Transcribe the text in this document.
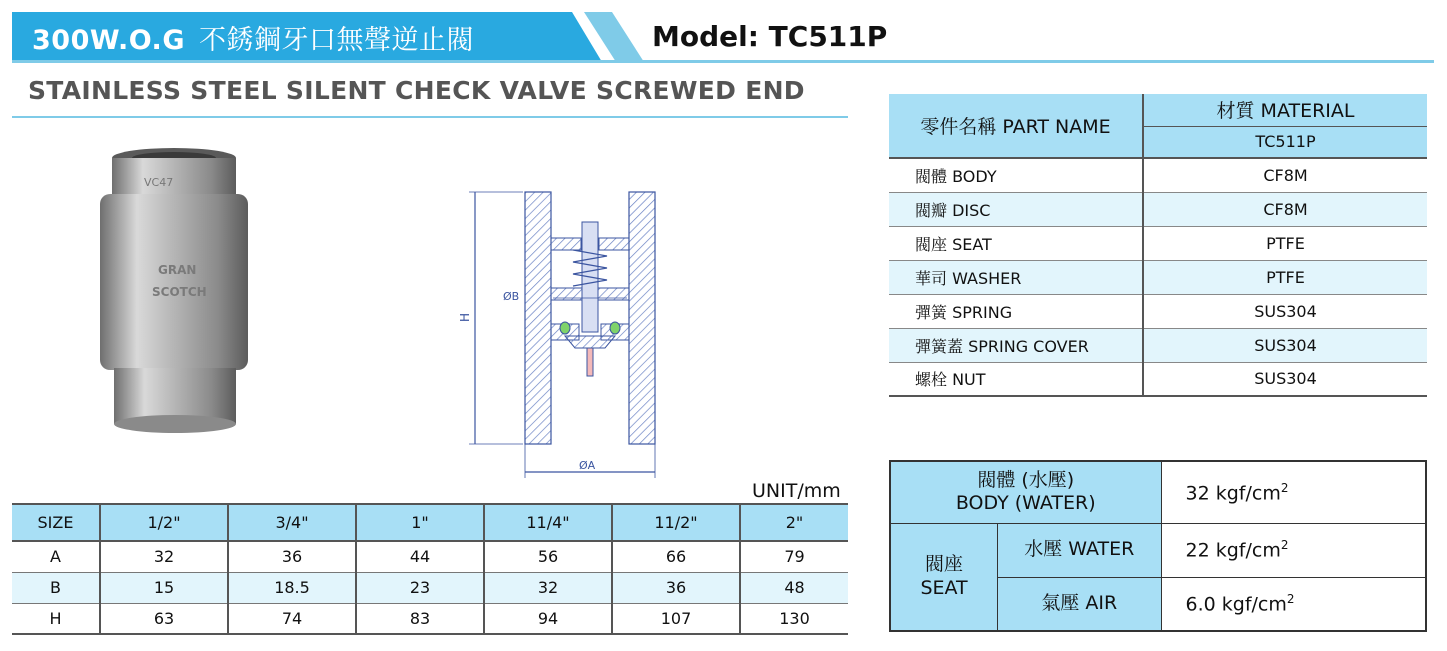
300W.O.G 不銹鋼牙口無聲逆止閥	Model: TC511P
STAINLESS STEEL SILENT CHECK VALVE SCREWED END
VC47
GRAN
SCOTCH
H
ØB
ØA
UNIT/mm
SIZE	1/2"	3/4"	1"	11/4"	11/2"	2"
A	32	36	44	56	66	79
B	15	18.5	23	32	36	48
H	63	74	83	94	107	130
零件名稱 PART NAME	材質 MATERIAL
	TC511P
閥體 BODY	CF8M
閥瓣 DISC	CF8M
閥座 SEAT	PTFE
華司 WASHER	PTFE
彈簧 SPRING	SUS304
彈簧蓋 SPRING COVER	SUS304
螺栓 NUT	SUS304
閥體 (水壓)
BODY (WATER)		32 kgf/$cm^2$

閥座
SEAT	水壓 WATER	22 kgf/$cm^2$
	氣壓 AIR	6.0 kgf/$cm^2$
